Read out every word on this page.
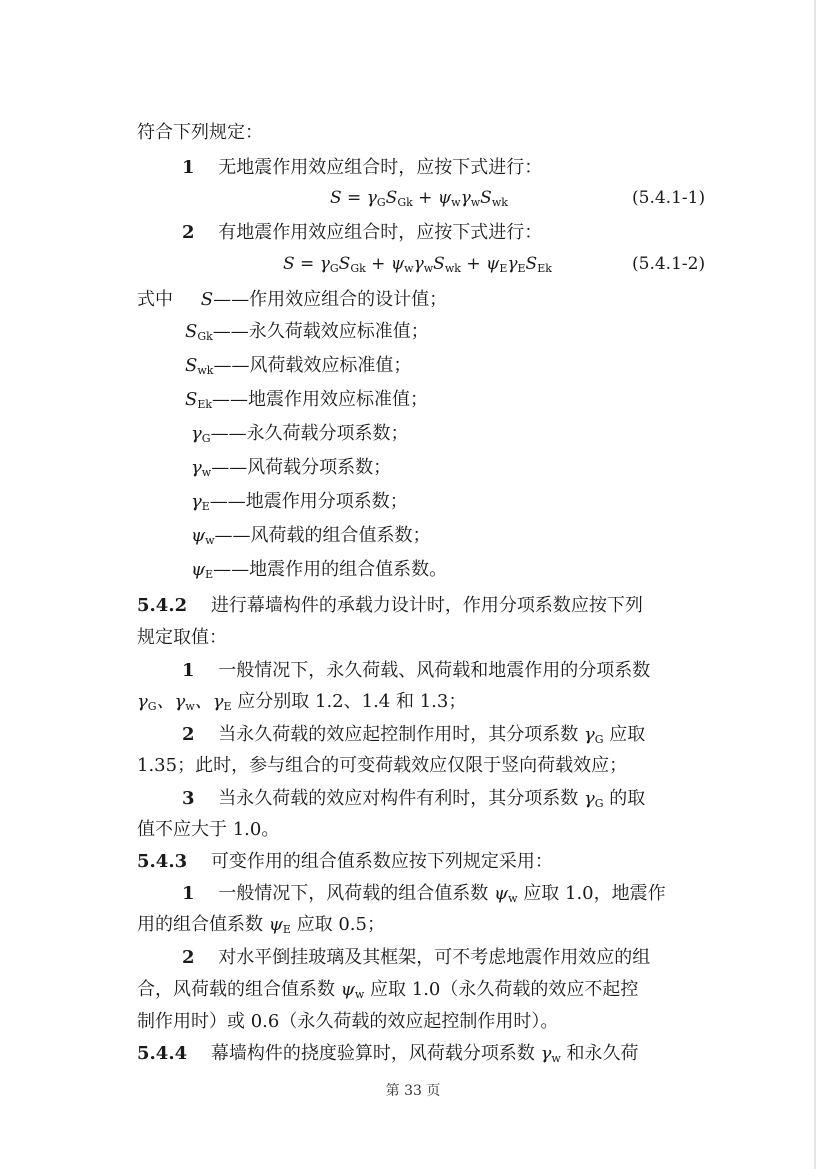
符合下列规定：
1 无地震作用效应组合时，应按下式进行：
$S = \gamma_GS_{Gk} + \psi_w\gamma_wS_{wk}$	(5.4.1-1)
2 有地震作用效应组合时，应按下式进行：
$S = \gamma_GS_{Gk} + \psi_w\gamma_wS_{wk} + \psi_E\gamma_ES_{Ek}$	(5.4.1-2)
式中 S——作用效应组合的设计值；
$S_{Gk}——$永久荷载效应标准值；
$S_{wk}——$风荷载效应标准值；
$S_{Ek}——$地震作用效应标准值；
$\gamma_G——$永久荷载分项系数；
$\gamma_w——$风荷载分项系数；
$\gamma_E——$地震作用分项系数；
$\psi_w——$风荷载的组合值系数；
$\psi_E——$地震作用的组合值系数。
5.4.2 进行幕墙构件的承载力设计时，作用分项系数应按下列
规定取值：
1 一般情况下，永久荷载、风荷载和地震作用的分项系数
$\gamma_G$、$\gamma_w$、$\gamma_E$ 应分别取 1.2、1.4 和 1.3；
2 当永久荷载的效应起控制作用时，其分项系数 $\gamma_G$ 应取
1.35；此时，参与组合的可变荷载效应仅限于竖向荷载效应；
3 当永久荷载的效应对构件有利时，其分项系数 $\gamma_G$ 的取
值不应大于 1.0。
5.4.3 可变作用的组合值系数应按下列规定采用：
1 一般情况下，风荷载的组合值系数 $\psi_w$ 应取 1.0，地震作
用的组合值系数 $\psi_E$ 应取 0.5；
2 对水平倒挂玻璃及其框架，可不考虑地震作用效应的组
合，风荷载的组合值系数 $\psi_w$ 应取 1.0（永久荷载的效应不起控
制作用时）或 0.6（永久荷载的效应起控制作用时）。
5.4.4 幕墙构件的挠度验算时，风荷载分项系数 $\gamma_w$ 和永久荷
第 33 页
